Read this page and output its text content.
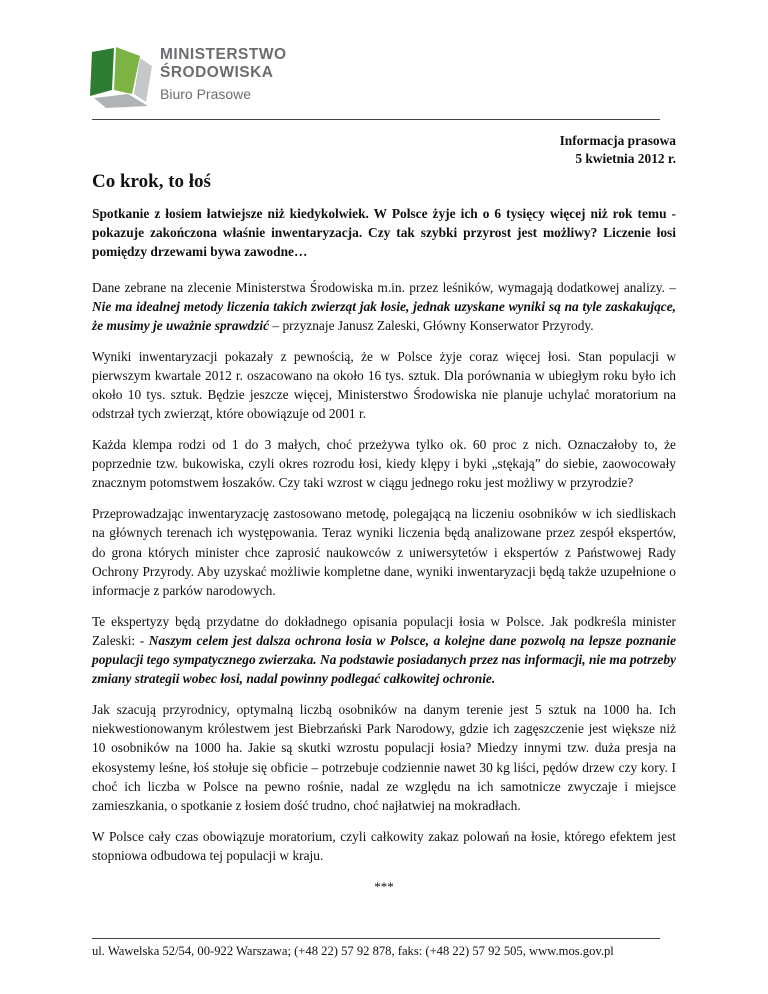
MINISTERSTWO
ŚRODOWISKA
Biuro Prasowe
Informacja prasowa
5 kwietnia 2012 r.
Co krok, to łoś

Spotkanie z łosiem łatwiejsze niż kiedykolwiek. W Polsce żyje ich o 6 tysięcy więcej niż rok temu - pokazuje zakończona właśnie inwentaryzacja. Czy tak szybki przyrost jest możliwy? Liczenie łosi pomiędzy drzewami bywa zawodne…

Dane zebrane na zlecenie Ministerstwa Środowiska m.in. przez leśników, wymagają dodatkowej analizy. – Nie ma idealnej metody liczenia takich zwierząt jak łosie, jednak uzyskane wyniki są na tyle zaskakujące, że musimy je uważnie sprawdzić – przyznaje Janusz Zaleski, Główny Konserwator Przyrody.

Wyniki inwentaryzacji pokazały z pewnością, że w Polsce żyje coraz więcej łosi. Stan populacji w pierwszym kwartale 2012 r. oszacowano na około 16 tys. sztuk. Dla porównania w ubiegłym roku było ich około 10 tys. sztuk. Będzie jeszcze więcej, Ministerstwo Środowiska nie planuje uchylać moratorium na odstrzał tych zwierząt, które obowiązuje od 2001 r.

Każda klempa rodzi od 1 do 3 małych, choć przeżywa tylko ok. 60 proc z nich. Oznaczałoby to, że poprzednie tzw. bukowiska, czyli okres rozrodu łosi, kiedy klępy i byki „stękają” do siebie, zaowocowały znacznym potomstwem łoszaków. Czy taki wzrost w ciągu jednego roku jest możliwy w przyrodzie?

Przeprowadzając inwentaryzację zastosowano metodę, polegającą na liczeniu osobników w ich siedliskach na głównych terenach ich występowania. Teraz wyniki liczenia będą analizowane przez zespół ekspertów, do grona których minister chce zaprosić naukowców z uniwersytetów i ekspertów z Państwowej Rady Ochrony Przyrody. Aby uzyskać możliwie kompletne dane, wyniki inwentaryzacji będą także uzupełnione o informacje z parków narodowych.

Te ekspertyzy będą przydatne do dokładnego opisania populacji łosia w Polsce. Jak podkreśla minister Zaleski: - Naszym celem jest dalsza ochrona łosia w Polsce, a kolejne dane pozwolą na lepsze poznanie populacji tego sympatycznego zwierzaka. Na podstawie posiadanych przez nas informacji, nie ma potrzeby zmiany strategii wobec łosi, nadal powinny podlegać całkowitej ochronie.

Jak szacują przyrodnicy, optymalną liczbą osobników na danym terenie jest 5 sztuk na 1000 ha. Ich niekwestionowanym królestwem jest Biebrzański Park Narodowy, gdzie ich zagęszczenie jest większe niż 10 osobników na 1000 ha. Jakie są skutki wzrostu populacji łosia? Miedzy innymi tzw. duża presja na ekosystemy leśne, łoś stołuje się obficie – potrzebuje codziennie nawet 30 kg liści, pędów drzew czy kory. I choć ich liczba w Polsce na pewno rośnie, nadal ze względu na ich samotnicze zwyczaje i miejsce zamieszkania, o spotkanie z łosiem dość trudno, choć najłatwiej na mokradłach.

W Polsce cały czas obowiązuje moratorium, czyli całkowity zakaz polowań na łosie, którego efektem jest stopniowa odbudowa tej populacji w kraju.

***
ul. Wawelska 52/54, 00-922 Warszawa; (+48 22) 57 92 878, faks: (+48 22) 57 92 505, www.mos.gov.pl
